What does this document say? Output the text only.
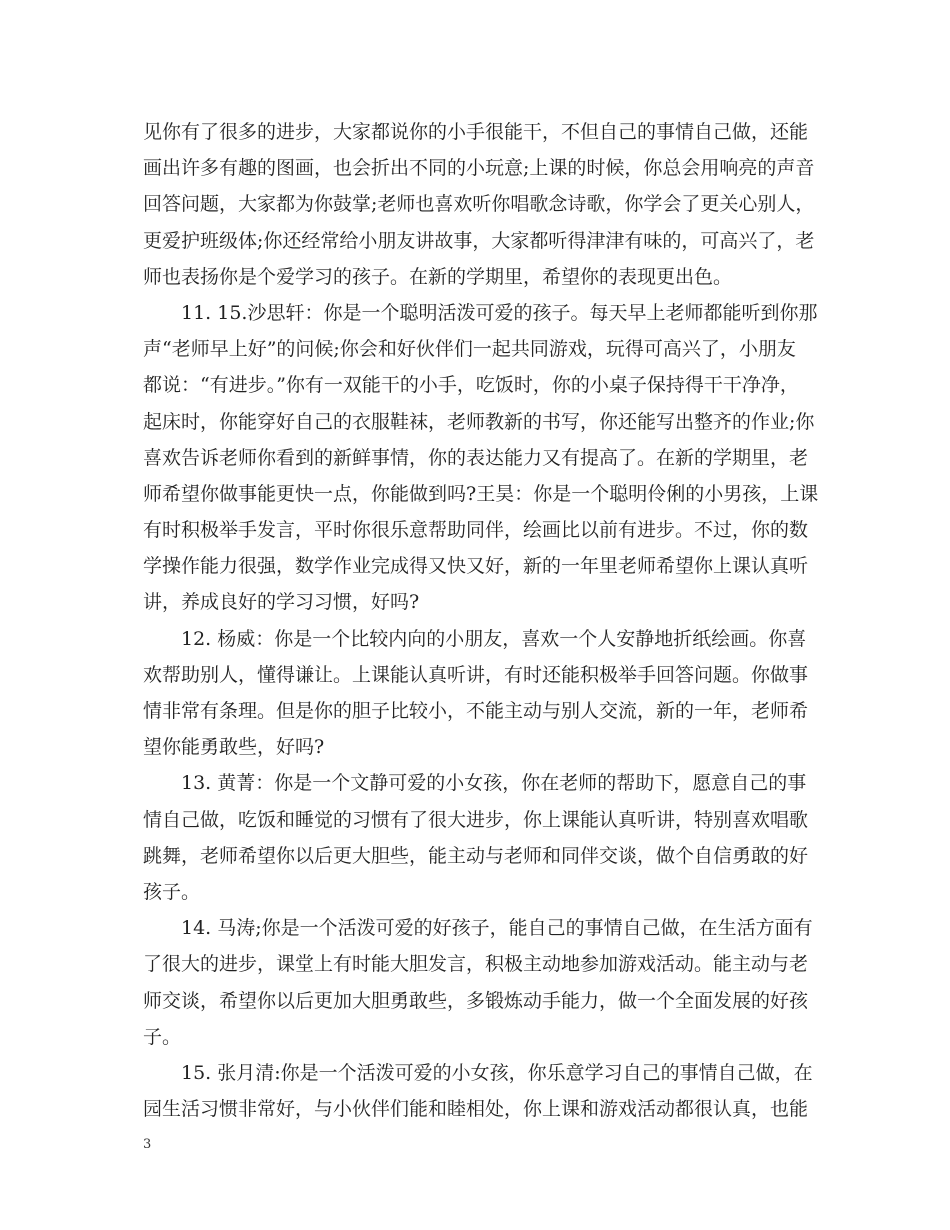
见你有了很多的进步，大家都说你的小手很能干，不但自己的事情自己做，还能
画出许多有趣的图画，也会折出不同的小玩意;上课的时候，你总会用响亮的声音
回答问题，大家都为你鼓掌;老师也喜欢听你唱歌念诗歌，你学会了更关心别人，
更爱护班级体;你还经常给小朋友讲故事，大家都听得津津有味的，可高兴了，老
师也表扬你是个爱学习的孩子。在新的学期里，希望你的表现更出色。
11. 15.沙思轩：你是一个聪明活泼可爱的孩子。每天早上老师都能听到你那
声“老师早上好”的问候;你会和好伙伴们一起共同游戏，玩得可高兴了，小朋友
都说：“有进步。”你有一双能干的小手，吃饭时，你的小桌子保持得干干净净，
起床时，你能穿好自己的衣服鞋袜，老师教新的书写，你还能写出整齐的作业;你
喜欢告诉老师你看到的新鲜事情，你的表达能力又有提高了。在新的学期里，老
师希望你做事能更快一点，你能做到吗?王昊：你是一个聪明伶俐的小男孩，上课
有时积极举手发言，平时你很乐意帮助同伴，绘画比以前有进步。不过，你的数
学操作能力很强，数学作业完成得又快又好，新的一年里老师希望你上课认真听
讲，养成良好的学习习惯，好吗?
12. 杨威：你是一个比较内向的小朋友，喜欢一个人安静地折纸绘画。你喜
欢帮助别人，懂得谦让。上课能认真听讲，有时还能积极举手回答问题。你做事
情非常有条理。但是你的胆子比较小，不能主动与别人交流，新的一年，老师希
望你能勇敢些，好吗?
13. 黄菁：你是一个文静可爱的小女孩，你在老师的帮助下，愿意自己的事
情自己做，吃饭和睡觉的习惯有了很大进步，你上课能认真听讲，特别喜欢唱歌
跳舞，老师希望你以后更大胆些，能主动与老师和同伴交谈，做个自信勇敢的好
孩子。
14. 马涛;你是一个活泼可爱的好孩子，能自己的事情自己做，在生活方面有
了很大的进步，课堂上有时能大胆发言，积极主动地参加游戏活动。能主动与老
师交谈，希望你以后更加大胆勇敢些，多锻炼动手能力，做一个全面发展的好孩
子。
15. 张月清:你是一个活泼可爱的小女孩，你乐意学习自己的事情自己做，在
园生活习惯非常好，与小伙伴们能和睦相处，你上课和游戏活动都很认真，也能
3
